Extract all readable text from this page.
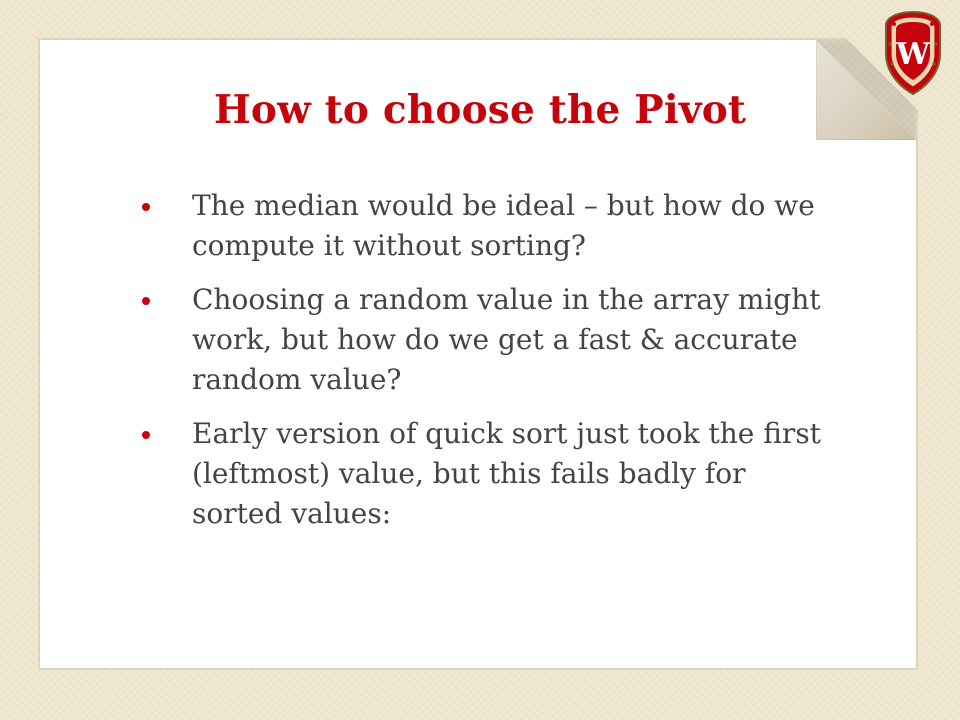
How to choose the Pivot
The median would be ideal – but how do we compute it without sorting?
Choosing a random value in the array might work, but how do we get a fast & accurate random value?
Early version of quick sort just took the first (leftmost) value, but this fails badly for sorted values:
W
